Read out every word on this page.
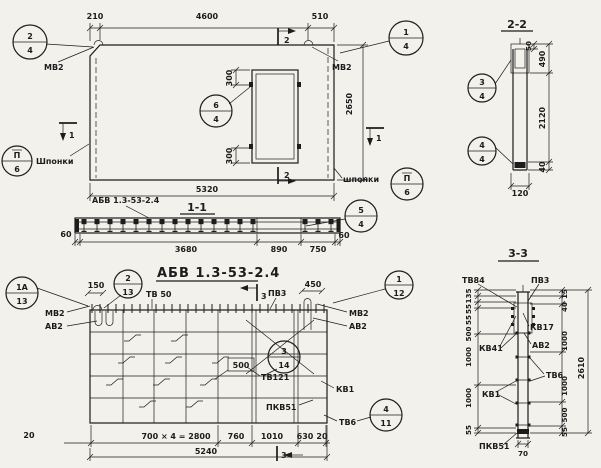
2
2
1	1
210	4600	510
2650
5320
300
300
МВ2	МВ2
Шпонки
шпонки
2
4
1
4
6
4
П
6
П
6
2-2
50
490
2120
40
120
3
4
4
4
АБВ 1.3-53-2.4
1-1
60
3680	890	750
60
5
4
АБВ 1.3-53-2.4
3
3
150	450
500
ТВ 50	ПВ3
МВ2
АВ2
МВ2
АВ2
ТВ121
КВ1
ПКВ51
ТВ6
20	700 × 4 = 2800 760 1010 630 20
5240
1А
13
2
13
1
12
3
14
4
11
3-3
ТВ84	ПВ3
КВ17
АВ2
КВ41
ТВ6
КВ1
ПКВ51
135
55
55
500
1000
1000
55
15
40
1000
1000
500
55
2610
70
